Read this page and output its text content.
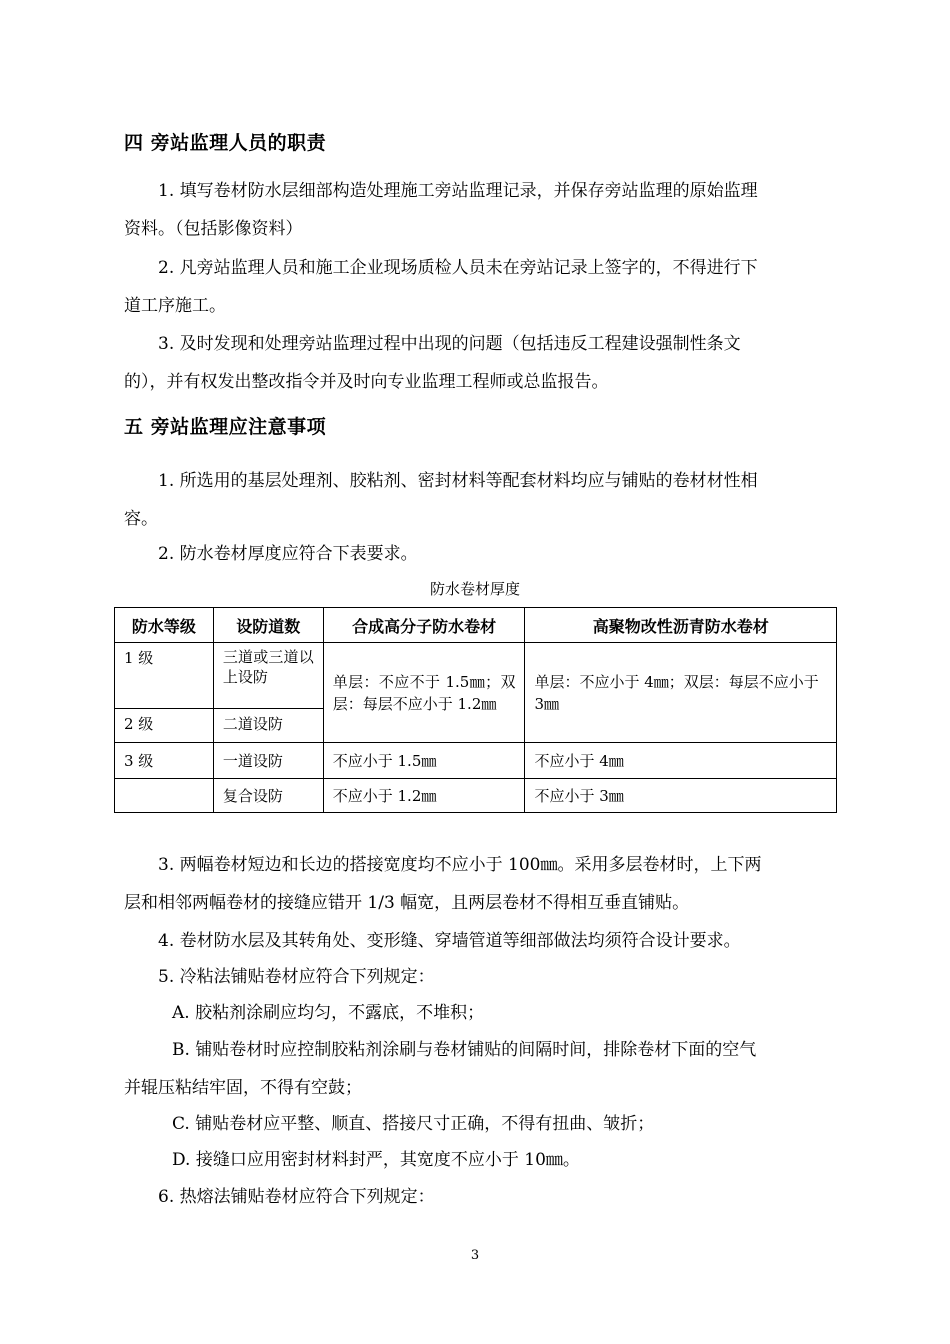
四 旁站监理人员的职责
1. 填写卷材防水层细部构造处理施工旁站监理记录，并保存旁站监理的原始监理
资料。（包括影像资料）
2. 凡旁站监理人员和施工企业现场质检人员未在旁站记录上签字的，不得进行下
道工序施工。
3. 及时发现和处理旁站监理过程中出现的问题（包括违反工程建设强制性条文
的），并有权发出整改指令并及时向专业监理工程师或总监报告。
五 旁站监理应注意事项
1. 所选用的基层处理剂、胶粘剂、密封材料等配套材料均应与铺贴的卷材材性相
容。
2. 防水卷材厚度应符合下表要求。
防水卷材厚度
防水等级	设防道数	合成高分子防水卷材	高聚物改性沥青防水卷材
1 级	三道或三道以上设防	单层：不应不于 1.5㎜；双层：每层不应小于 1.2㎜	单层：不应小于 4㎜；双层：每层不应小于 3㎜
2 级	二道设防		
3 级	一道设防	不应小于 1.5㎜	不应小于 4㎜
	复合设防	不应小于 1.2㎜	不应小于 3㎜
3. 两幅卷材短边和长边的搭接宽度均不应小于 100㎜。采用多层卷材时，上下两
层和相邻两幅卷材的接缝应错开 1/3 幅宽，且两层卷材不得相互垂直铺贴。
4. 卷材防水层及其转角处、变形缝、穿墙管道等细部做法均须符合设计要求。
5. 冷粘法铺贴卷材应符合下列规定：
A. 胶粘剂涂刷应均匀，不露底，不堆积；
B. 铺贴卷材时应控制胶粘剂涂刷与卷材铺贴的间隔时间，排除卷材下面的空气
并辊压粘结牢固，不得有空鼓；
C. 铺贴卷材应平整、顺直、搭接尺寸正确，不得有扭曲、皱折；
D. 接缝口应用密封材料封严，其宽度不应小于 10㎜。
6. 热熔法铺贴卷材应符合下列规定：
3
